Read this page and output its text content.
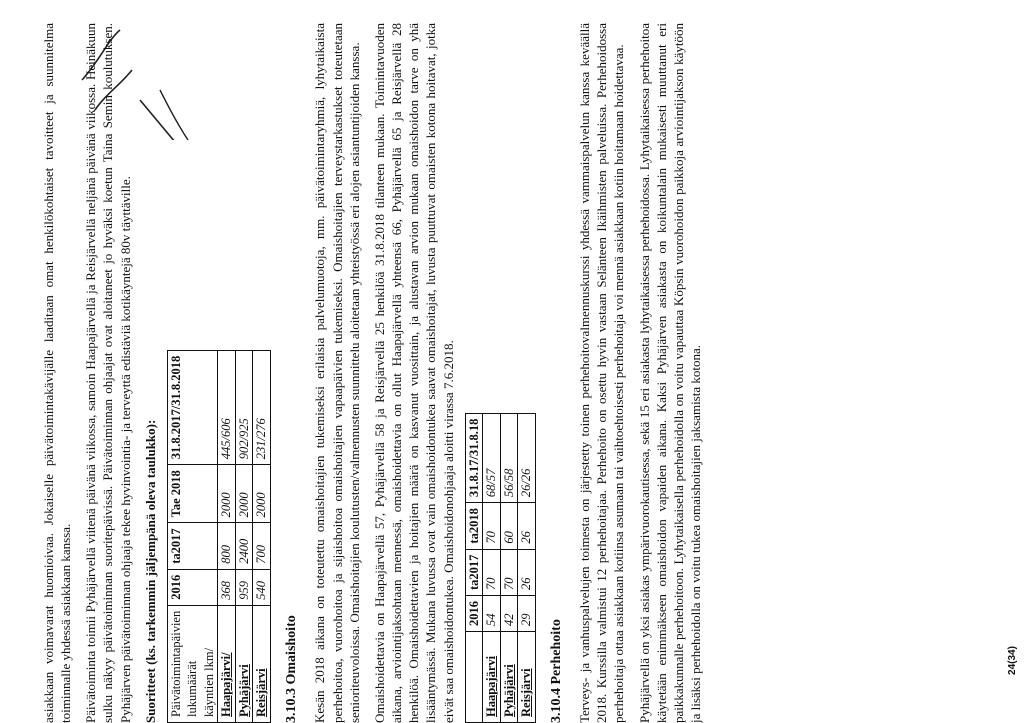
asiakkaan voimavarat huomioivaa. Jokaiselle päivätoimintakävijälle laaditaan omat henkilökohtaiset tavoitteet ja suunnitelma toiminnalle yhdessä asiakkaan kanssa. Päivätoiminta toimii Pyhäjärvellä viitenä päivänä viikossa, samoin Haapajärvellä ja Reisjärvellä neljänä päivänä viikossa. Heinäkuun sulku näkyy päivätoiminnan suoritepäivissä. Päivätoiminnan ohjaajat ovat aloitaneet jo hyväksi koetun Taina Semin koulutuksen. Pyhäjärven päivätoiminnan ohjaaja tekee hyvinvointia- ja terveyttä edistäviä kotikäyntejä 80v täyttäville. Suoritteet (ks. tarkemmin jäljempänä oleva taulukko): Päivätoimintapäivien lukumäärät käyntien lkm/	2016	ta2017	Tae 2018	31.8.2017/31.8.2018
Haapajärvi/	368	800	2000	445/606
Pyhäjärvi	959	2400	2000	902/925
Reisjärvi	540	700	2000	231/276
3.10.3 Omaishoito Kesän 2018 aikana on toteutettu omaishoitajien tukemiseksi erilaisia palvelumuotoja, mm. päivätoimintaryhmiä, lyhytaikaista perhehoitoa, vuorohoitoa ja sijaishoitoa omaishoitajien vapaapäivien tukemiseksi. Omaishoitajien terveystarkastukset toteutetaan senioriteuvoloissa. Omaishoitajien koulutusten/valmennusten suunnittelu aloitetaan yhteistyössä eri alojen asiantuntijoiden kanssa. Omaishoidettavia on Haapajärvellä 57, Pyhäjärvellä 58 ja Reisjärvellä 25 henkilöä 31.8.2018 tilanteen mukaan. Toimintavuoden aikana, arviointijaksohtaan mennessä, omaishoidettavia on ollut Haapajärvellä yhteensä 66, Pyhäjärvellä 65 ja Reisjärvellä 28 henkilöä. Omaishoidettavien ja hoitajien määrä on kasvanut vuosittain, ja alustavan arvion mukaan omaishoidon tarve on yhä lisääntymässä. Mukana luvussa ovat vain omaishoidontukea saavat omaishoitajat, luvusta puuttuvat omaisten kotona hoitavat, jotka eivät saa omaishoidontukea. Omaishoidonohjaaja aloitti virassa 7.6.2018.

	2016	ta2017	ta2018	31.8.17/31.8.18
Haapajärvi	54	70	70	68/57
Pyhäjärvi	42	70	60	56/58
Reisjärvi	29	26	26	26/26
3.10.4 Perhehoito Terveys- ja vanhuspalvelujen toimesta on järjestetty toinen perhehoitovalmennuskurssi yhdessä vammaispalvelun kanssa keväällä 2018. Kurssilla valmistui 12 perhehoitajaa. Perhehoito on osettu hyvin vastaan Selänteen Ikäihmisten palveluissa. Perhehoidossa perhehoitaja ottaa asiakkaan kotiinsa asumaan tai vaihtoehtoisesti perhehoitaja voi mennä asiakkaan kotiin hoitamaan hoidettavaa. Pyhäjärvellä on yksi asiakas ympärivuorokautisessa, sekä 15 eri asiakasta lyhytaikaisessa perhehoidossa. Lyhytaikaisessa perhehoitoa käytetään enimmäkseen omaishoidon vapaiden aikana. Kaksi Pyhäjärven asiakasta on koikuntalain mukaisesti muuttanut eri paikkakunnalle perhehoitoon. Lyhytaikaisella perhehoidolla on voitu vapauttaa Köpsin vuorohoidon paikkoja arviointijakson käytöön ja lisäksi perhehoidolla on voitu tukea omaishoitajien jaksamista kotona.	24(34)
